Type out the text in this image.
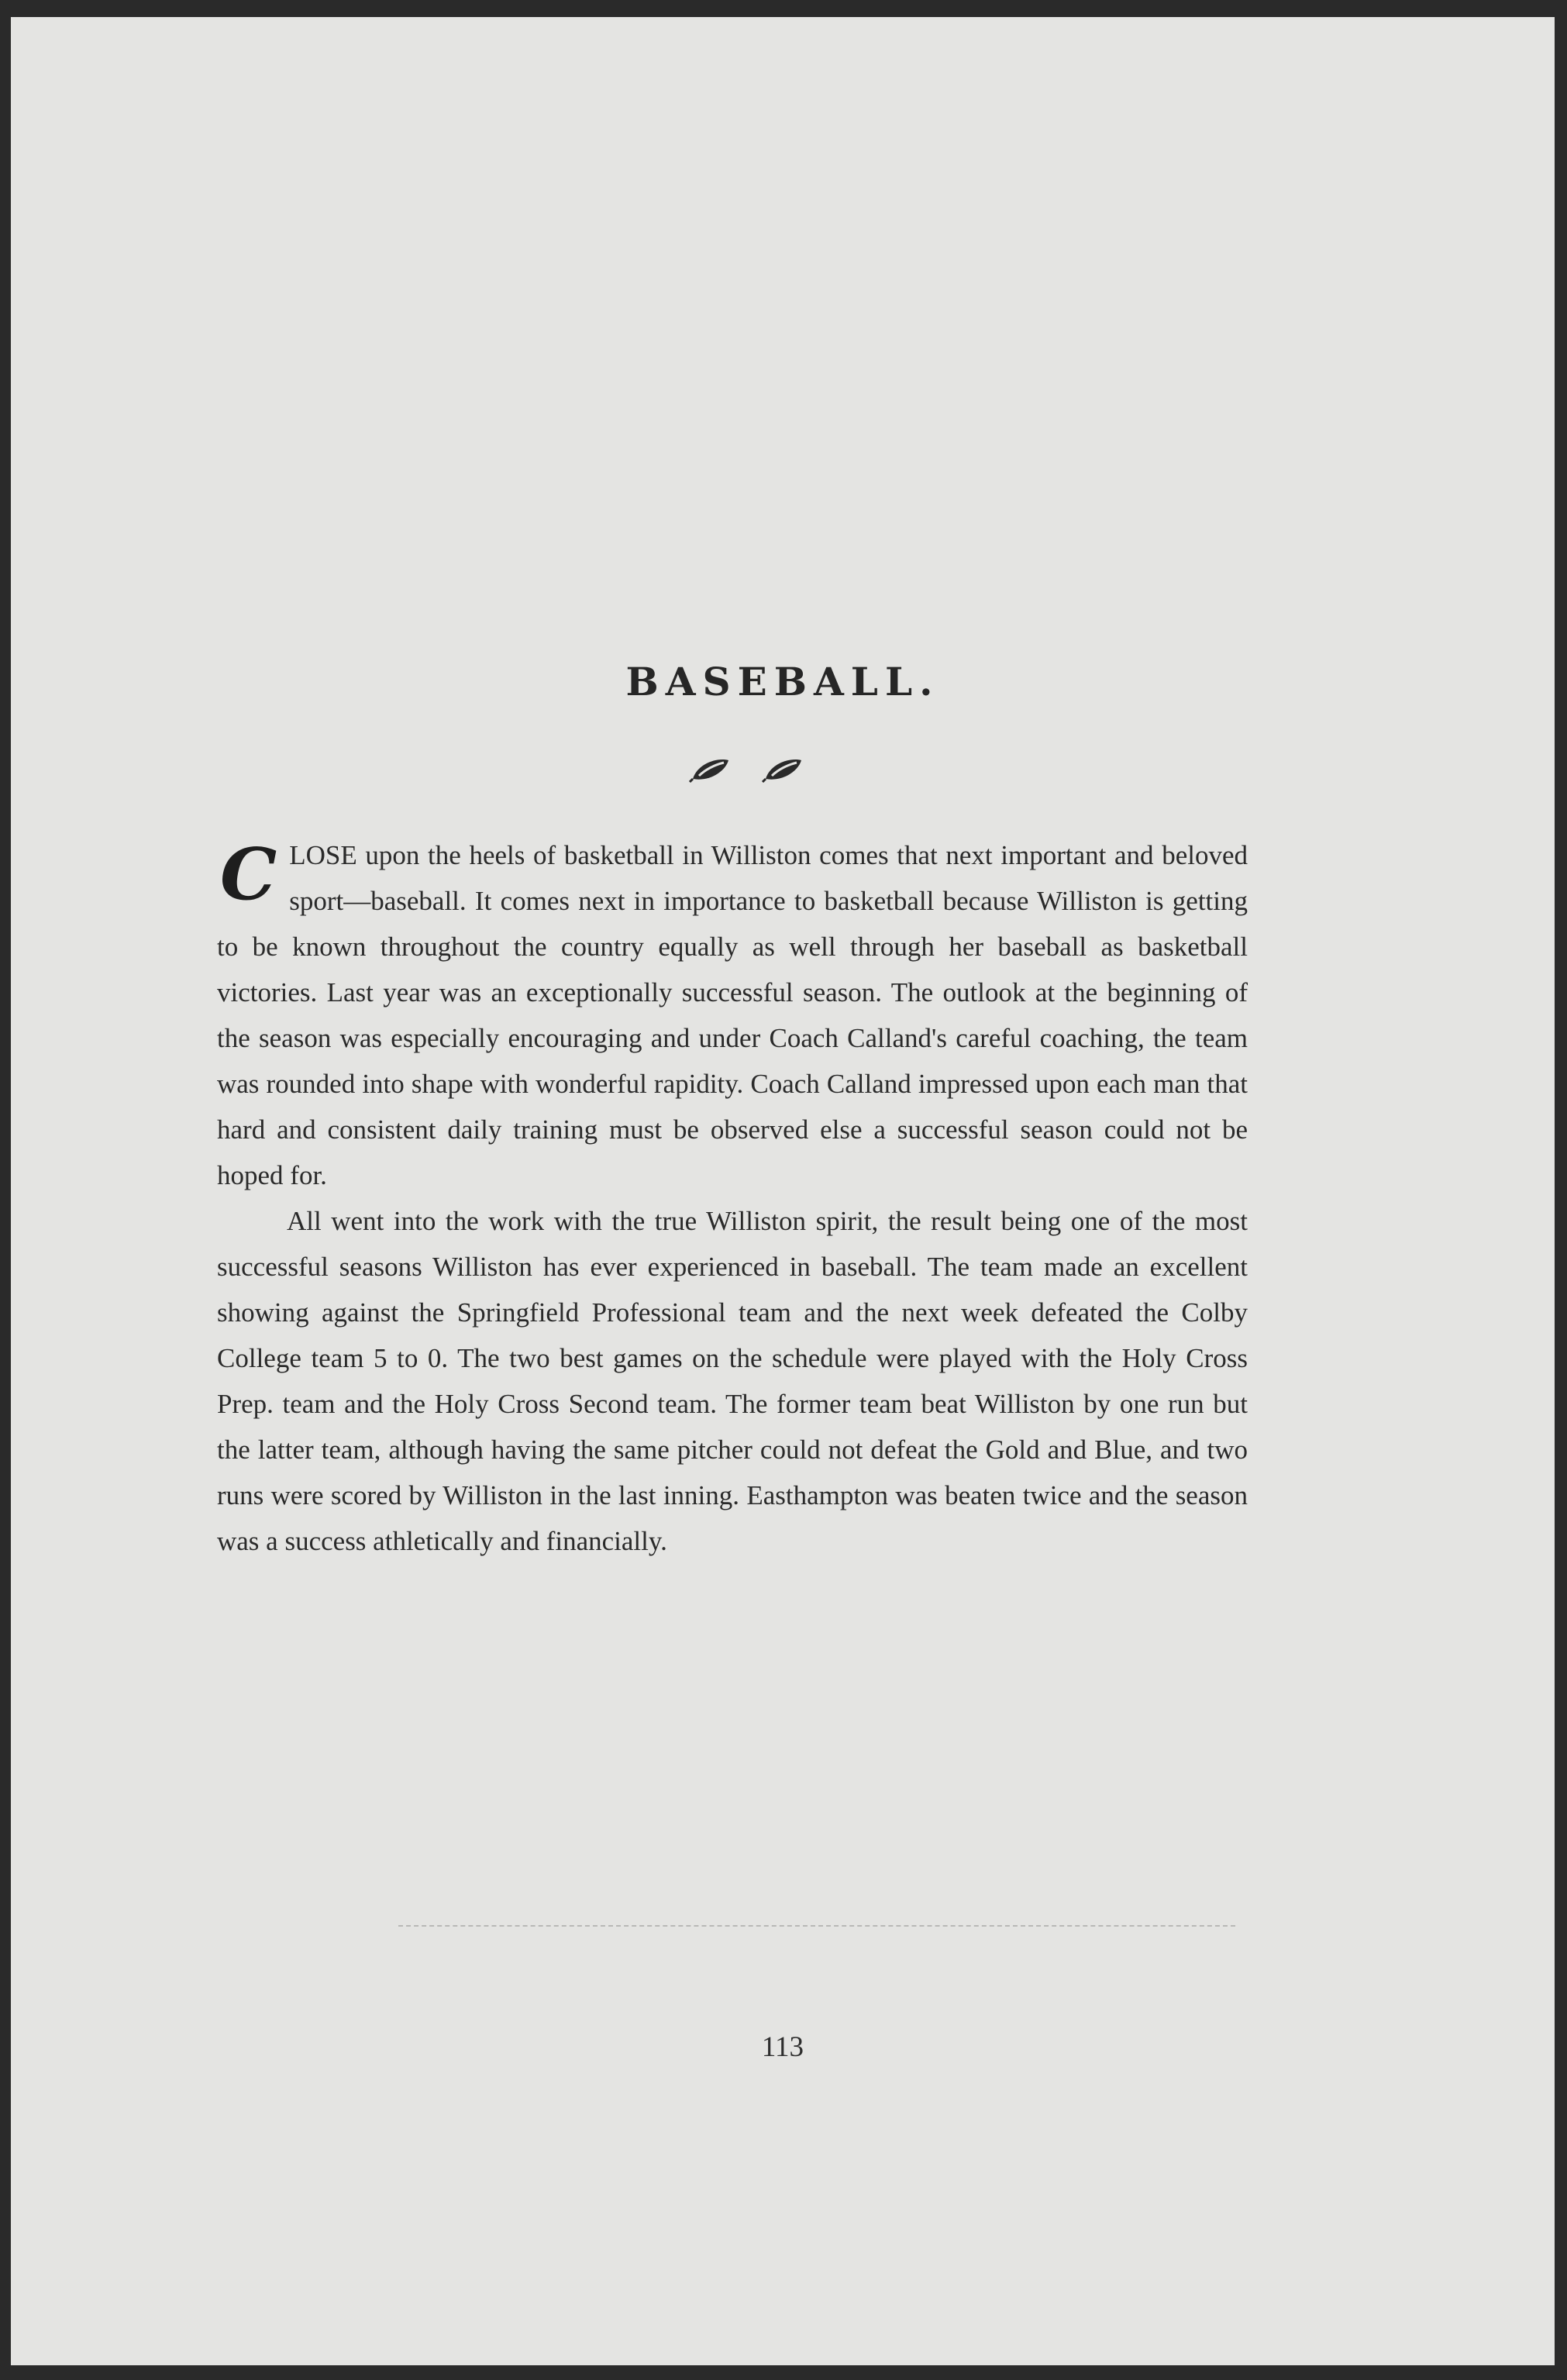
BASEBALL.

CLOSE upon the heels of basketball in Williston comes that next important and beloved sport—baseball. It comes next in importance to basketball because Williston is getting to be known throughout the country equally as well through her baseball as basketball victories. Last year was an exceptionally successful season. The outlook at the beginning of the season was especially encouraging and under Coach Calland's careful coaching, the team was rounded into shape with wonderful rapidity. Coach Calland impressed upon each man that hard and consistent daily training must be observed else a successful season could not be hoped for.

All went into the work with the true Williston spirit, the result being one of the most successful seasons Williston has ever experienced in baseball. The team made an excellent showing against the Springfield Professional team and the next week defeated the Colby College team 5 to 0. The two best games on the schedule were played with the Holy Cross Prep. team and the Holy Cross Second team. The former team beat Williston by one run but the latter team, although having the same pitcher could not defeat the Gold and Blue, and two runs were scored by Williston in the last inning. Easthampton was beaten twice and the season was a success athletically and financially.

113
